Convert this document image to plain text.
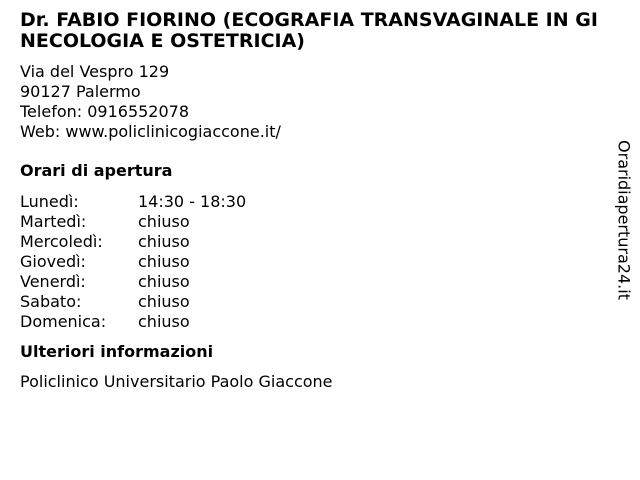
Dr. FABIO FIORINO (ECOGRAFIA TRANSVAGINALE IN GINECOLOGIA E OSTETRICIA)
Via del Vespro 129
90127 Palermo
Telefon: 0916552078
Web: www.policlinicogiaccone.it/
Orari di apertura
Lunedì:	14:30 - 18:30
Martedì:	chiuso
Mercoledì:	chiuso
Giovedì:	chiuso
Venerdì:	chiuso
Sabato:	chiuso
Domenica:	chiuso
Ulteriori informazioni
Policlinico Universitario Paolo Giaccone
Oraridiapertura24.it
